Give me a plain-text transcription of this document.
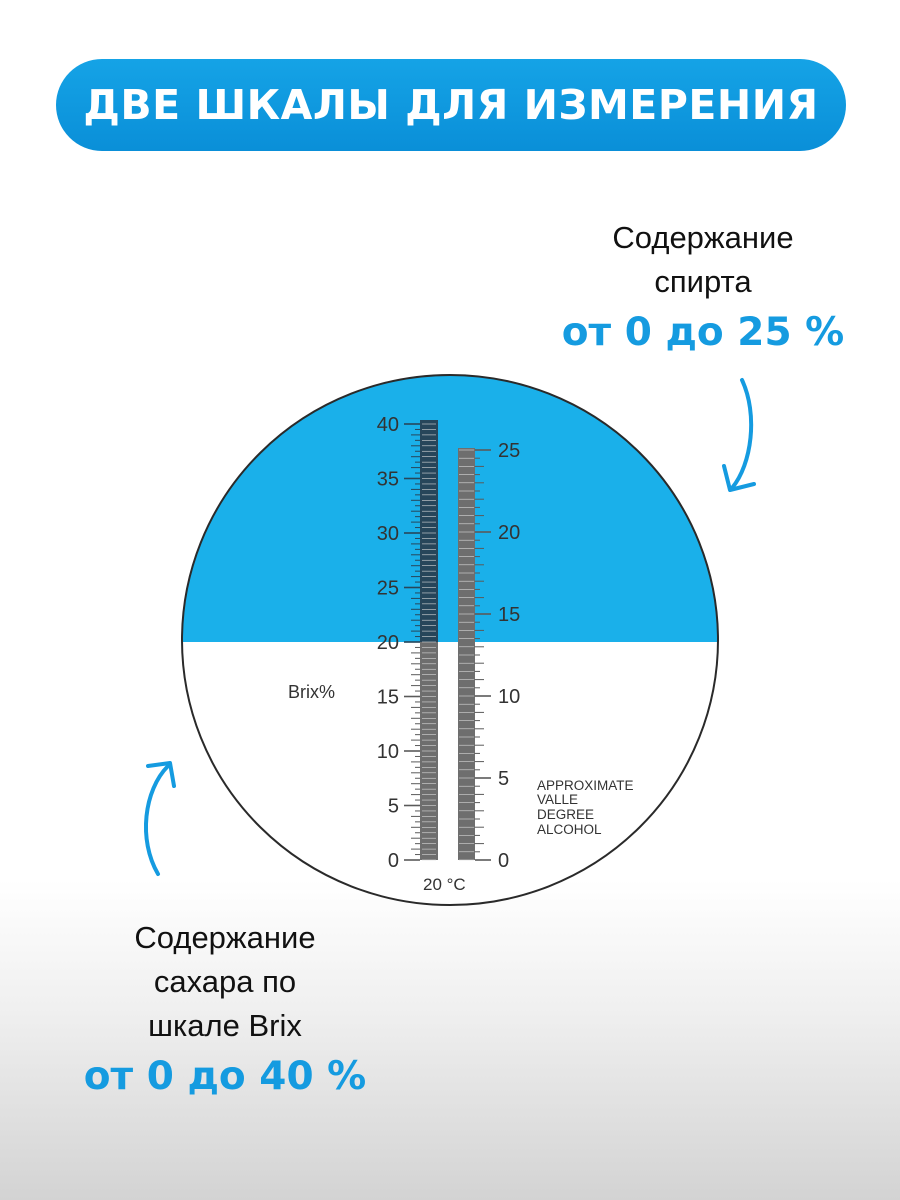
ДВЕ ШКАЛЫ ДЛЯ ИЗМЕРЕНИЯ
Содержание
спирта
от 0 до 25 %
0
5
10
15
20
25
30
35
40
0
5
10
15
20
25
Brix%
APPROXIMATE
VALLE
DEGREE
ALCOHOL
20 °C
Содержание
сахара по
шкале Brix
от 0 до 40 %
